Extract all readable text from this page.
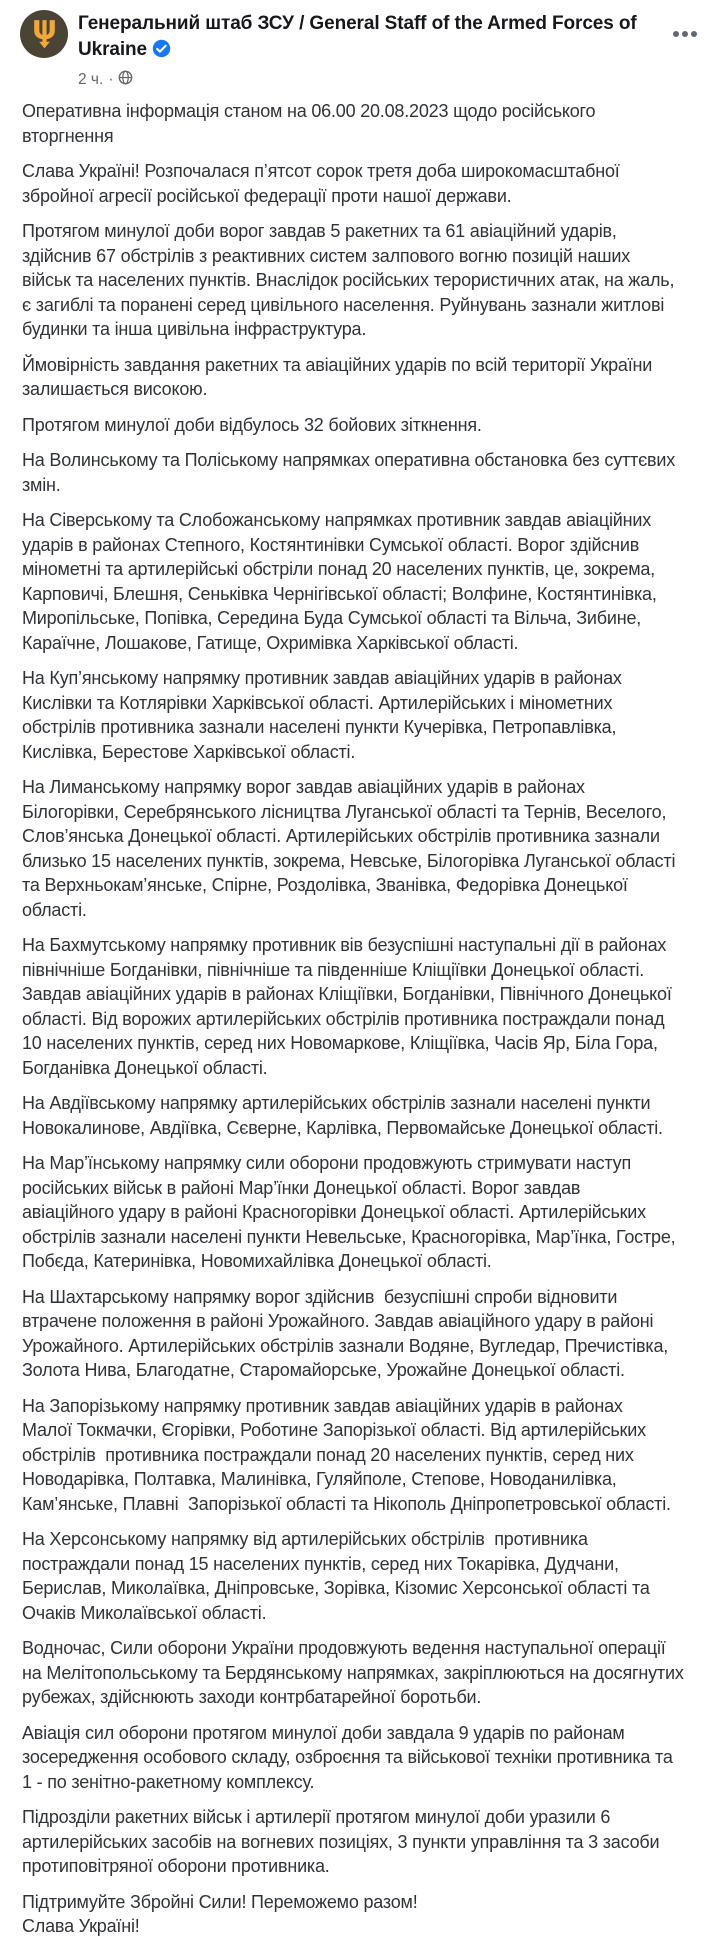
Генеральний штаб ЗСУ / General Staff of the Armed Forces of Ukraine
2 ч. ·
Оперативна інформація станом на 06.00 20.08.2023 щодо російського
вторгнення
Слава Україні! Розпочалася п’ятсот сорок третя доба широкомасштабної
збройної агресії російської федерації проти нашої держави.
Протягом минулої доби ворог завдав 5 ракетних та 61 авіаційний ударів,
здійснив 67 обстрілів з реактивних систем залпового вогню позицій наших
військ та населених пунктів. Внаслідок російських терористичних атак, на жаль,
є загиблі та поранені серед цивільного населення. Руйнувань зазнали житлові
будинки та інша цивільна інфраструктура.
Ймовірність завдання ракетних та авіаційних ударів по всій території України
залишається високою.
Протягом минулої доби відбулось 32 бойових зіткнення.
На Волинському та Поліському напрямках оперативна обстановка без суттєвих
змін.
На Сіверському та Слобожанському напрямках противник завдав авіаційних
ударів в районах Степного, Костянтинівки Сумської області. Ворог здійснив
мінометні та артилерійські обстріли понад 20 населених пунктів, це, зокрема,
Карповичі, Блешня, Сеньківка Чернігівської області; Волфине, Костянтинівка,
Миропільське, Попівка, Середина Буда Сумської області та Вільча, Зибине,
Караїчне, Лошакове, Гатище, Охримівка Харківської області.
На Куп’янському напрямку противник завдав авіаційних ударів в районах
Кислівки та Котлярівки Харківської області. Артилерійських і мінометних
обстрілів противника зазнали населені пункти Кучерівка, Петропавлівка,
Кислівка, Берестове Харківської області.
На Лиманському напрямку ворог завдав авіаційних ударів в районах
Білогорівки, Серебрянського лісництва Луганської області та Тернів, Веселого,
Слов’янська Донецької області. Артилерійських обстрілів противника зазнали
близько 15 населених пунктів, зокрема, Невське, Білогорівка Луганської області
та Верхньокам’янське, Спірне, Роздолівка, Званівка, Федорівка Донецької
області.
На Бахмутському напрямку противник вів безуспішні наступальні дії в районах
північніше Богданівки, північніше та південніше Кліщіївки Донецької області.
Завдав авіаційних ударів в районах Кліщіївки, Богданівки, Північного Донецької
області. Від ворожих артилерійських обстрілів противника постраждали понад
10 населених пунктів, серед них Новомаркове, Кліщіївка, Часів Яр, Біла Гора,
Богданівка Донецької області.
На Авдіївському напрямку артилерійських обстрілів зазнали населені пункти
Новокалинове, Авдіївка, Сєверне, Карлівка, Первомайське Донецької області.
На Мар’їнському напрямку сили оборони продовжують стримувати наступ
російських військ в районі Мар’їнки Донецької області. Ворог завдав
авіаційного удару в районі Красногорівки Донецької області. Артилерійських
обстрілів зазнали населені пункти Невельське, Красногорівка, Мар’їнка, Гостре,
Побєда, Катеринівка, Новомихайлівка Донецької області.
На Шахтарському напрямку ворог здійснив  безуспішні спроби відновити
втрачене положення в районі Урожайного. Завдав авіаційного удару в районі
Урожайного. Артилерійських обстрілів зазнали Водяне, Вугледар, Пречистівка,
Золота Нива, Благодатне, Старомайорське, Урожайне Донецької області.
На Запорізькому напрямку противник завдав авіаційних ударів в районах
Малої Токмачки, Єгорівки, Роботине Запорізької області. Від артилерійських
обстрілів  противника постраждали понад 20 населених пунктів, серед них
Новодарівка, Полтавка, Малинівка, Гуляйполе, Степове, Новоданилівка,
Кам’янське, Плавні  Запорізької області та Нікополь Дніпропетровської області.
На Херсонському напрямку від артилерійських обстрілів  противника
постраждали понад 15 населених пунктів, серед них Токарівка, Дудчани,
Берислав, Миколаївка, Дніпровське, Зорівка, Кізомис Херсонської області та
Очаків Миколаївської області.
Водночас, Сили оборони України продовжують ведення наступальної операції
на Мелітопольському та Бердянському напрямках, закріплюються на досягнутих
рубежах, здійснюють заходи контрбатарейної боротьби.
Авіація сил оборони протягом минулої доби завдала 9 ударів по районам
зосередження особового складу, озброєння та військової техніки противника та
1 - по зенітно-ракетному комплексу.
Підрозділи ракетних військ і артилерії протягом минулої доби уразили 6
артилерійських засобів на вогневих позиціях, 3 пункти управління та 3 засоби
протиповітряної оборони противника.
Підтримуйте Збройні Сили! Переможемо разом!
Слава Україні!
